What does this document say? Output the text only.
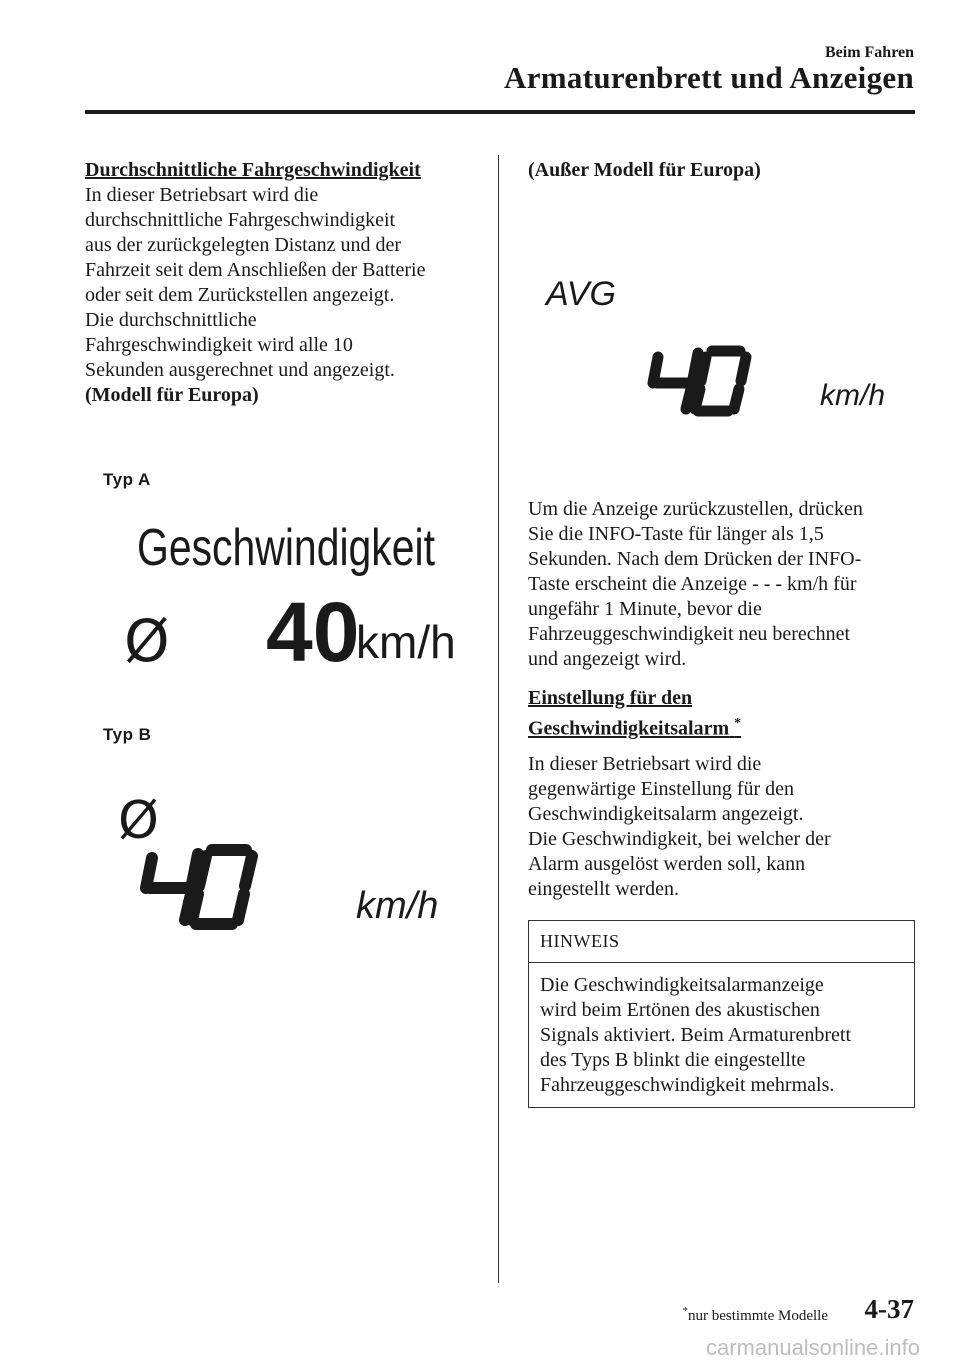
Beim Fahren
Armaturenbrett und Anzeigen

Durchschnittliche Fahrgeschwindigkeit

In dieser Betriebsart wird die

durchschnittliche Fahrgeschwindigkeit

aus der zurückgelegten Distanz und der

Fahrzeit seit dem Anschließen der Batterie

oder seit dem Zurückstellen angezeigt.

Die durchschnittliche

Fahrgeschwindigkeit wird alle 10

Sekunden ausgerechnet und angezeigt.

(Modell für Europa)

Typ A
Geschwindigkeit
Ø 40
km/h
Typ B
Ø
km/h

(Außer Modell für Europa)

AVG
km/h

Um die Anzeige zurückzustellen, drücken

Sie die INFO-Taste für länger als 1,5

Sekunden. Nach dem Drücken der INFO-

Taste erscheint die Anzeige - - - km/h für

ungefähr 1 Minute, bevor die

Fahrzeuggeschwindigkeit neu berechnet

und angezeigt wird.

Einstellung für den

Geschwindigkeitsalarm *

In dieser Betriebsart wird die

gegenwärtige Einstellung für den

Geschwindigkeitsalarm angezeigt.

Die Geschwindigkeit, bei welcher der

Alarm ausgelöst werden soll, kann

eingestellt werden.

HINWEIS

Die Geschwindigkeitsalarmanzeige

wird beim Ertönen des akustischen

Signals aktiviert. Beim Armaturenbrett

des Typs B blinkt die eingestellte

Fahrzeuggeschwindigkeit mehrmals.

*nur bestimmte Modelle 4-37
carmanualsonline.info
